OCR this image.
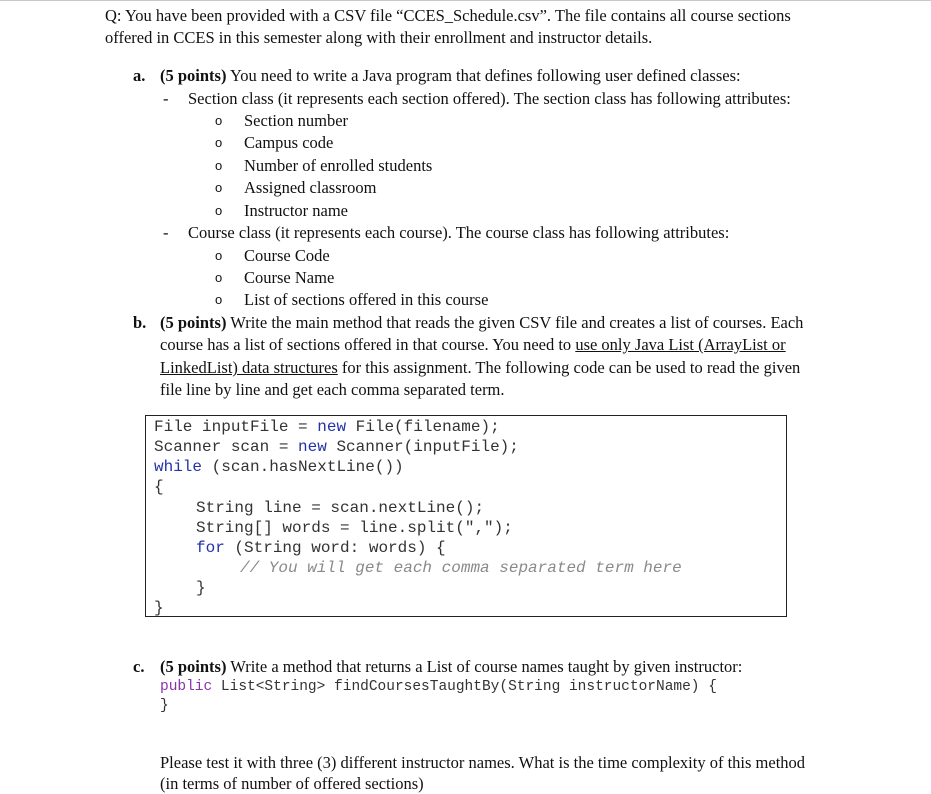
Q: You have been provided with a CSV file “CCES_Schedule.csv”. The file contains all course sections
offered in CCES in this semester along with their enrollment and instructor details.
a. (5 points) You need to write a Java program that defines following user defined classes:
- Section class (it represents each section offered). The section class has following attributes:
o Section number
o Campus code
o Number of enrolled students
o Assigned classroom
o Instructor name
- Course class (it represents each course). The course class has following attributes:
o Course Code
o Course Name
o List of sections offered in this course
b. (5 points) Write the main method that reads the given CSV file and creates a list of courses. Each
course has a list of sections offered in that course. You need to use only Java List (ArrayList or
LinkedList) data structures for this assignment. The following code can be used to read the given
file line by line and get each comma separated term.
File inputFile = new File(filename);
Scanner scan = new Scanner(inputFile);
while (scan.hasNextLine())
{
String line = scan.nextLine();
String[] words = line.split(",");
for (String word: words) {
// You will get each comma separated term here
}
}
c. (5 points) Write a method that returns a List of course names taught by given instructor:
public List<String> findCoursesTaughtBy(String instructorName) {
}
Please test it with three (3) different instructor names. What is the time complexity of this method
(in terms of number of offered sections)
